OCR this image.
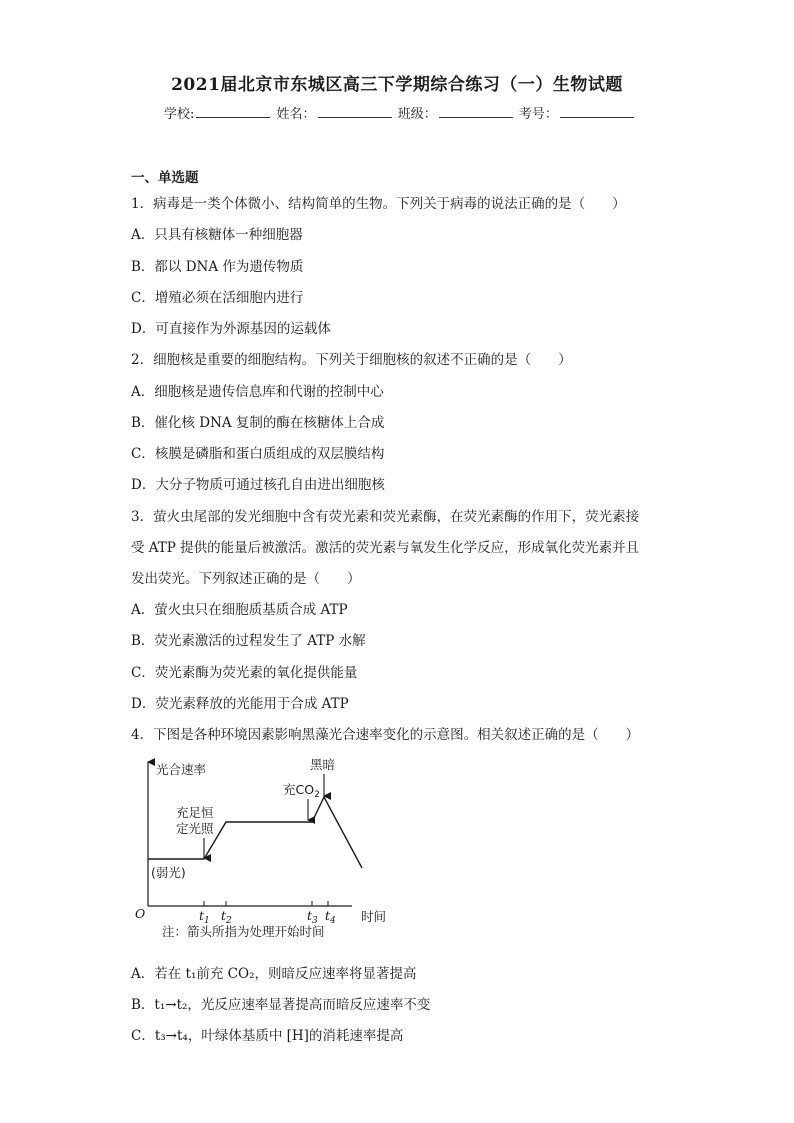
2021届北京市东城区高三下学期综合练习（一）生物试题
学校:	姓名：	班级：	考号：
一、单选题
1．病毒是一类个体微小、结构简单的生物。下列关于病毒的说法正确的是（　　）
A．只具有核糖体一种细胞器
B．都以 DNA 作为遗传物质
C．增殖必须在活细胞内进行
D．可直接作为外源基因的运载体
2．细胞核是重要的细胞结构。下列关于细胞核的叙述不正确的是（　　）
A．细胞核是遗传信息库和代谢的控制中心
B．催化核 DNA 复制的酶在核糖体上合成
C．核膜是磷脂和蛋白质组成的双层膜结构
D．大分子物质可通过核孔自由进出细胞核
3．萤火虫尾部的发光细胞中含有荧光素和荧光素酶，在荧光素酶的作用下，荧光素接
受 ATP 提供的能量后被激活。激活的荧光素与氧发生化学反应，形成氧化荧光素并且
发出荧光。下列叙述正确的是（　　）
A．萤火虫只在细胞质基质合成 ATP
B．荧光素激活的过程发生了 ATP 水解
C．荧光素酶为荧光素的氧化提供能量
D．荧光素释放的光能用于合成 ATP
4．下图是各种环境因素影响黑藻光合速率变化的示意图。相关叙述正确的是（　　）
光合速率
时间
O	$t_1$ $t_2$	$t_3$ $t_4$
(弱光)
充足恒
定光照
充$CO_2$
黑暗
注：箭头所指为处理开始时间
A．若在 t₁前充 CO₂，则暗反应速率将显著提高
B．t₁→t₂，光反应速率显著提高而暗反应速率不变
C．t₃→t₄，叶绿体基质中 [H]的消耗速率提高
